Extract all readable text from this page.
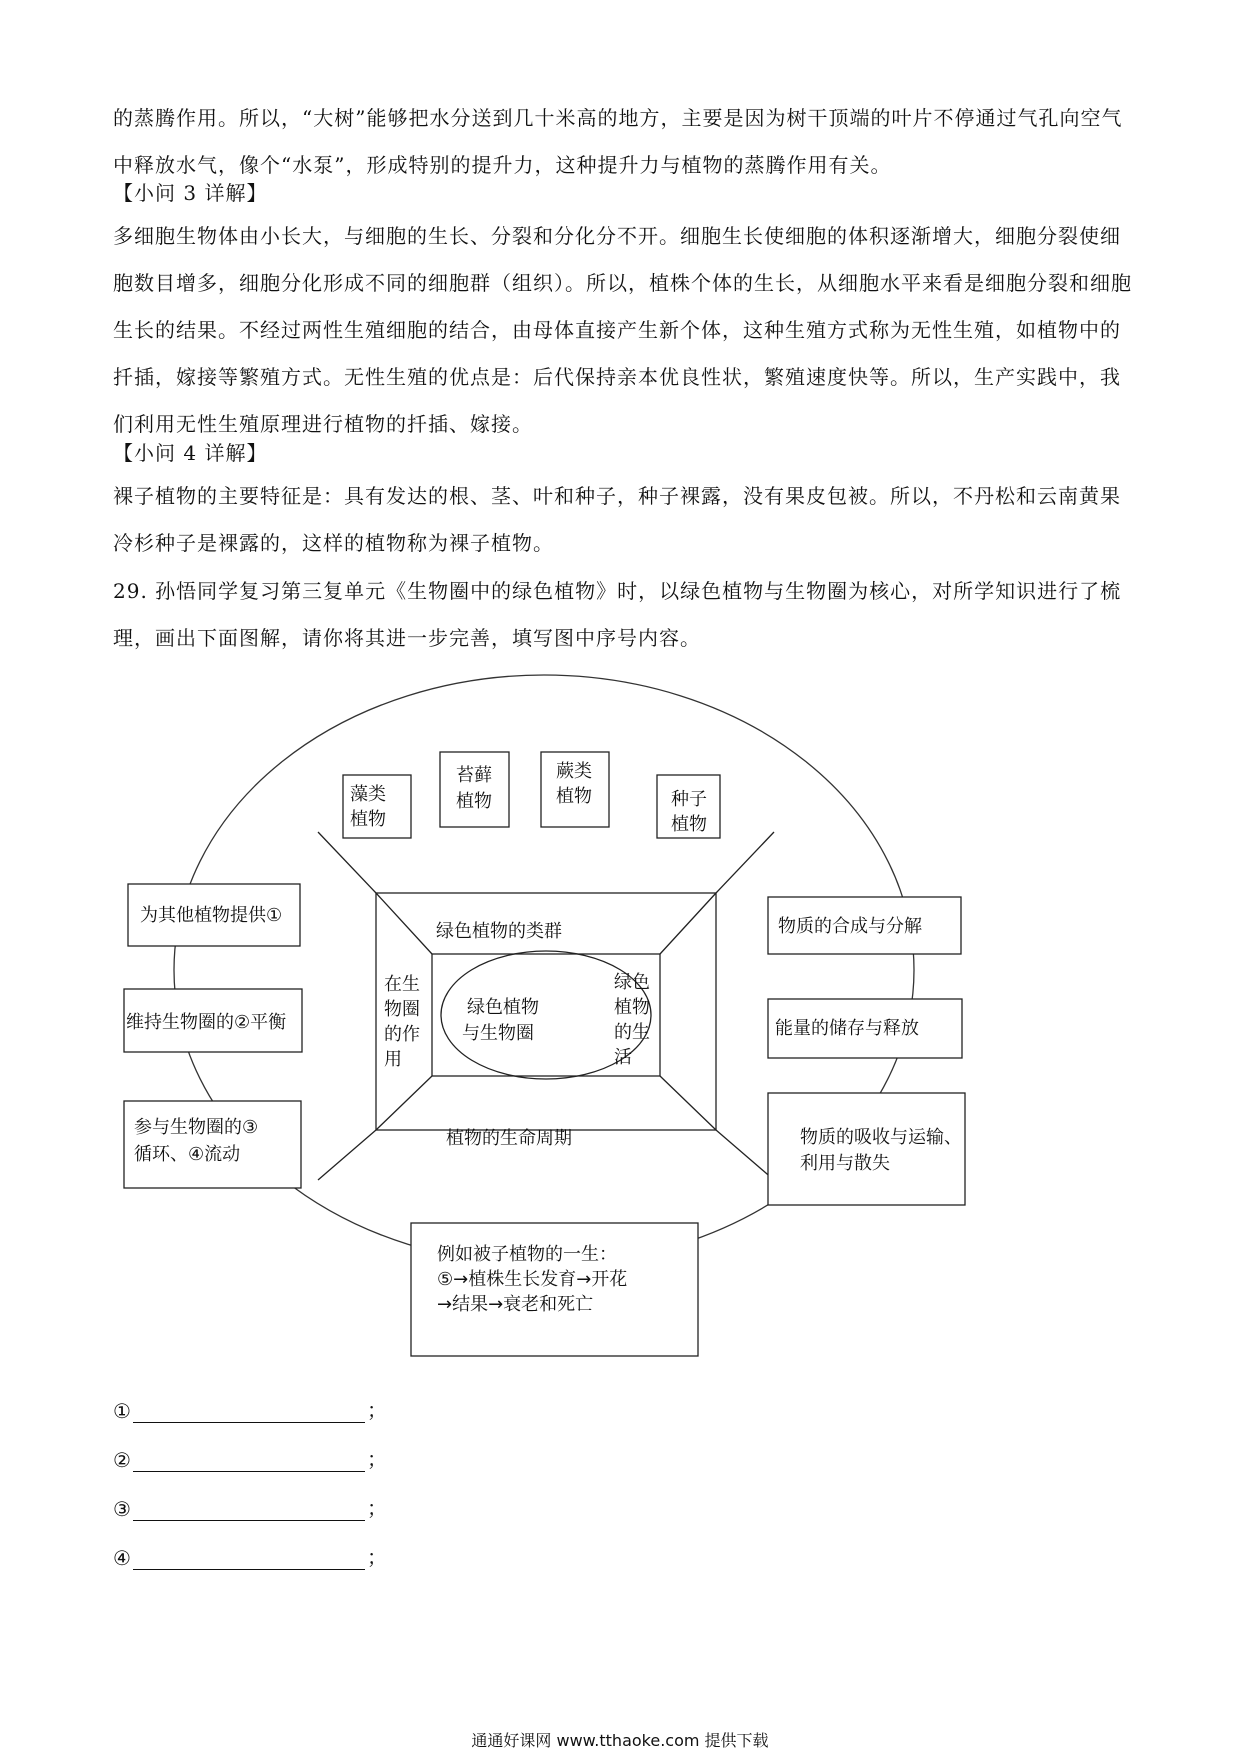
的蒸腾作用。所以，“大树”能够把水分送到几十米高的地方，主要是因为树干顶端的叶片不停通过气孔向空气中释放水气，像个“水泵”，形成特别的提升力，这种提升力与植物的蒸腾作用有关。

【小问 3 详解】

多细胞生物体由小长大，与细胞的生长、分裂和分化分不开。细胞生长使细胞的体积逐渐增大，细胞分裂使细胞数目增多，细胞分化形成不同的细胞群（组织）。所以，植株个体的生长，从细胞水平来看是细胞分裂和细胞生长的结果。不经过两性生殖细胞的结合，由母体直接产生新个体，这种生殖方式称为无性生殖，如植物中的扦插，嫁接等繁殖方式。无性生殖的优点是：后代保持亲本优良性状，繁殖速度快等。所以，生产实践中，我们利用无性生殖原理进行植物的扦插、嫁接。

【小问 4 详解】

裸子植物的主要特征是：具有发达的根、茎、叶和种子，种子裸露，没有果皮包被。所以，不丹松和云南黄果冷杉种子是裸露的，这样的植物称为裸子植物。

29. 孙悟同学复习第三复单元《生物圈中的绿色植物》时，以绿色植物与生物圈为核心，对所学知识进行了梳理，画出下面图解，请你将其进一步完善，填写图中序号内容。

藻类
植物
苔藓
植物
蕨类
植物	种子
植物
为其他植物提供①
维持生物圈的②平衡
参与生物圈的③
循环、④流动
物质的合成与分解
能量的储存与释放
物质的吸收与运输、
利用与散失
例如被子植物的一生：
⑤→植株生长发育→开花
→结果→衰老和死亡
绿色植物的类群
植物的生命周期
在生
物圈
的作
用
绿色
植物
的生
活
绿色植物
与生物圈
①	；
②	；
③	；
④	；
通通好课网 www.tthaoke.com 提供下载
